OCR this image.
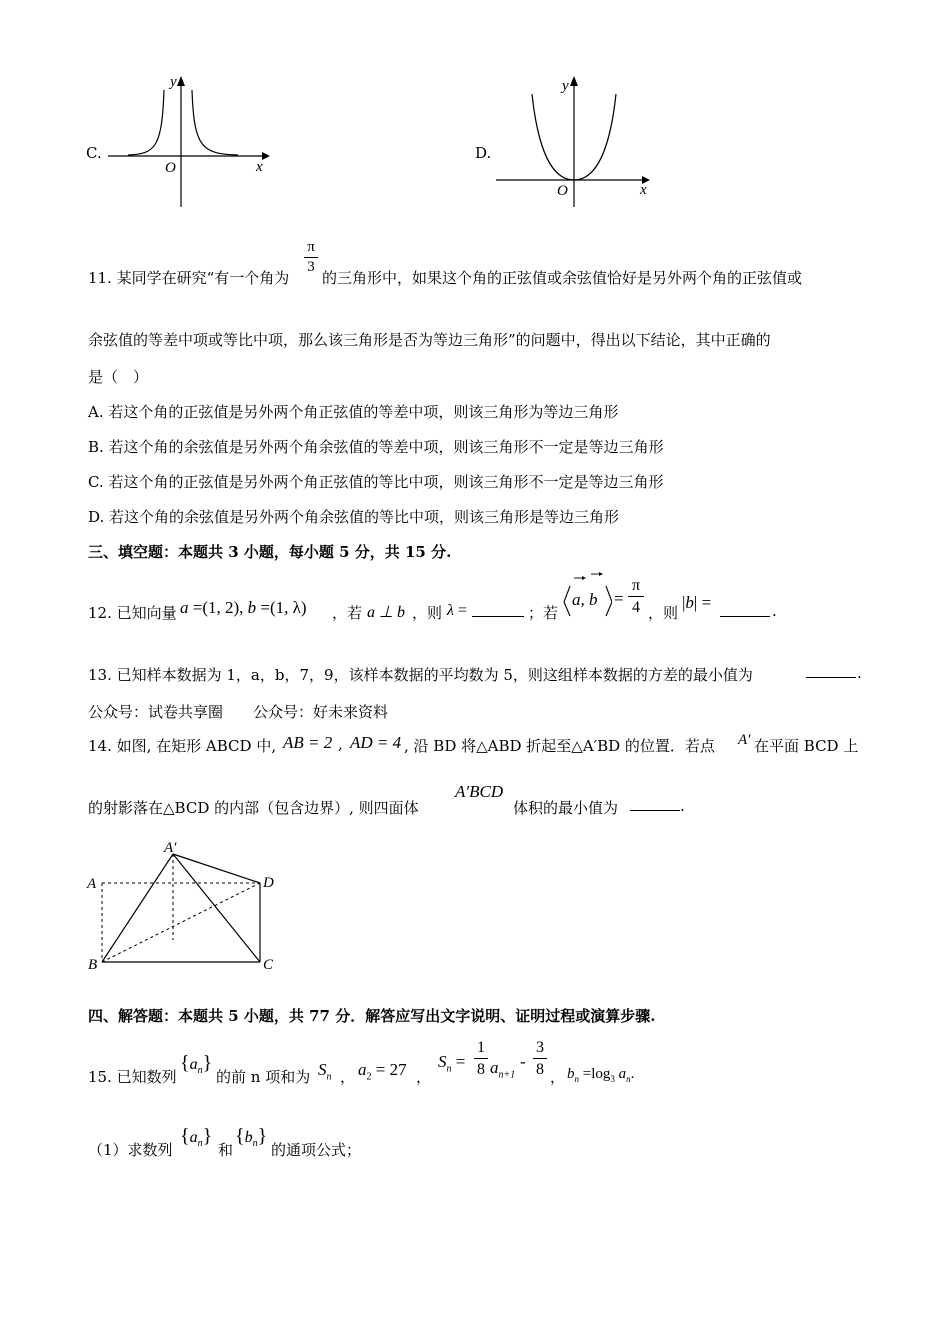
C.
x
y
O
D.
x
y
O
π
3
11. 某同学在研究“有一个角为 的三角形中，如果这个角的正弦值或余弦值恰好是另外两个角的正弦值或
余弦值的等差中项或等比中项，那么该三角形是否为等边三角形”的问题中，得出以下结论，其中正确的
是（　）
A. 若这个角的正弦值是另外两个角正弦值的等差中项，则该三角形为等边三角形
B. 若这个角的余弦值是另外两个角余弦值的等差中项，则该三角形不一定是等边三角形
C. 若这个角的正弦值是另外两个角正弦值的等比中项，则该三角形不一定是等边三角形
D. 若这个角的余弦值是另外两个角余弦值的等比中项，则该三角形是等边三角形
三、填空题：本题共 3 小题，每小题 5 分，共 15 分.
12. 已知向量 a =(1, 2), b =(1, λ) ，若 a ⊥ b ，则 λ =	；若
a, b =
π
4 ，则
|b| =	.
13. 已知样本数据为 1，a，b，7，9，该样本数据的平均数为 5，则这组样本数据的方差的最小值为	.
公众号：试卷共享圈　　公众号：好未来资料
14. 如图, 在矩形 ABCD 中, AB = 2 , AD = 4 , 沿 BD 将△ABD 折起至△A′BD 的位置．若点 A′ 在平面 BCD 上
的射影落在△BCD 的内部（包含边界）, 则四面体
A′BCD
体积的最小值为	.
A′
A
B	C
D
四、解答题：本题共 5 小题，共 77 分．解答应写出文字说明、证明过程或演算步骤.
15. 已知数列
$\{a_n\}$
的前 n 项和为 $S_n$ ， $a_2 = 27$ ，
$S_n$ =
1
8 $a_{n+1}$
-
3
8 ， $b_n =\log_3$ $a_n$.
（1）求数列
$\{a_n\}$
和
$\{b_n\}$
的通项公式；
